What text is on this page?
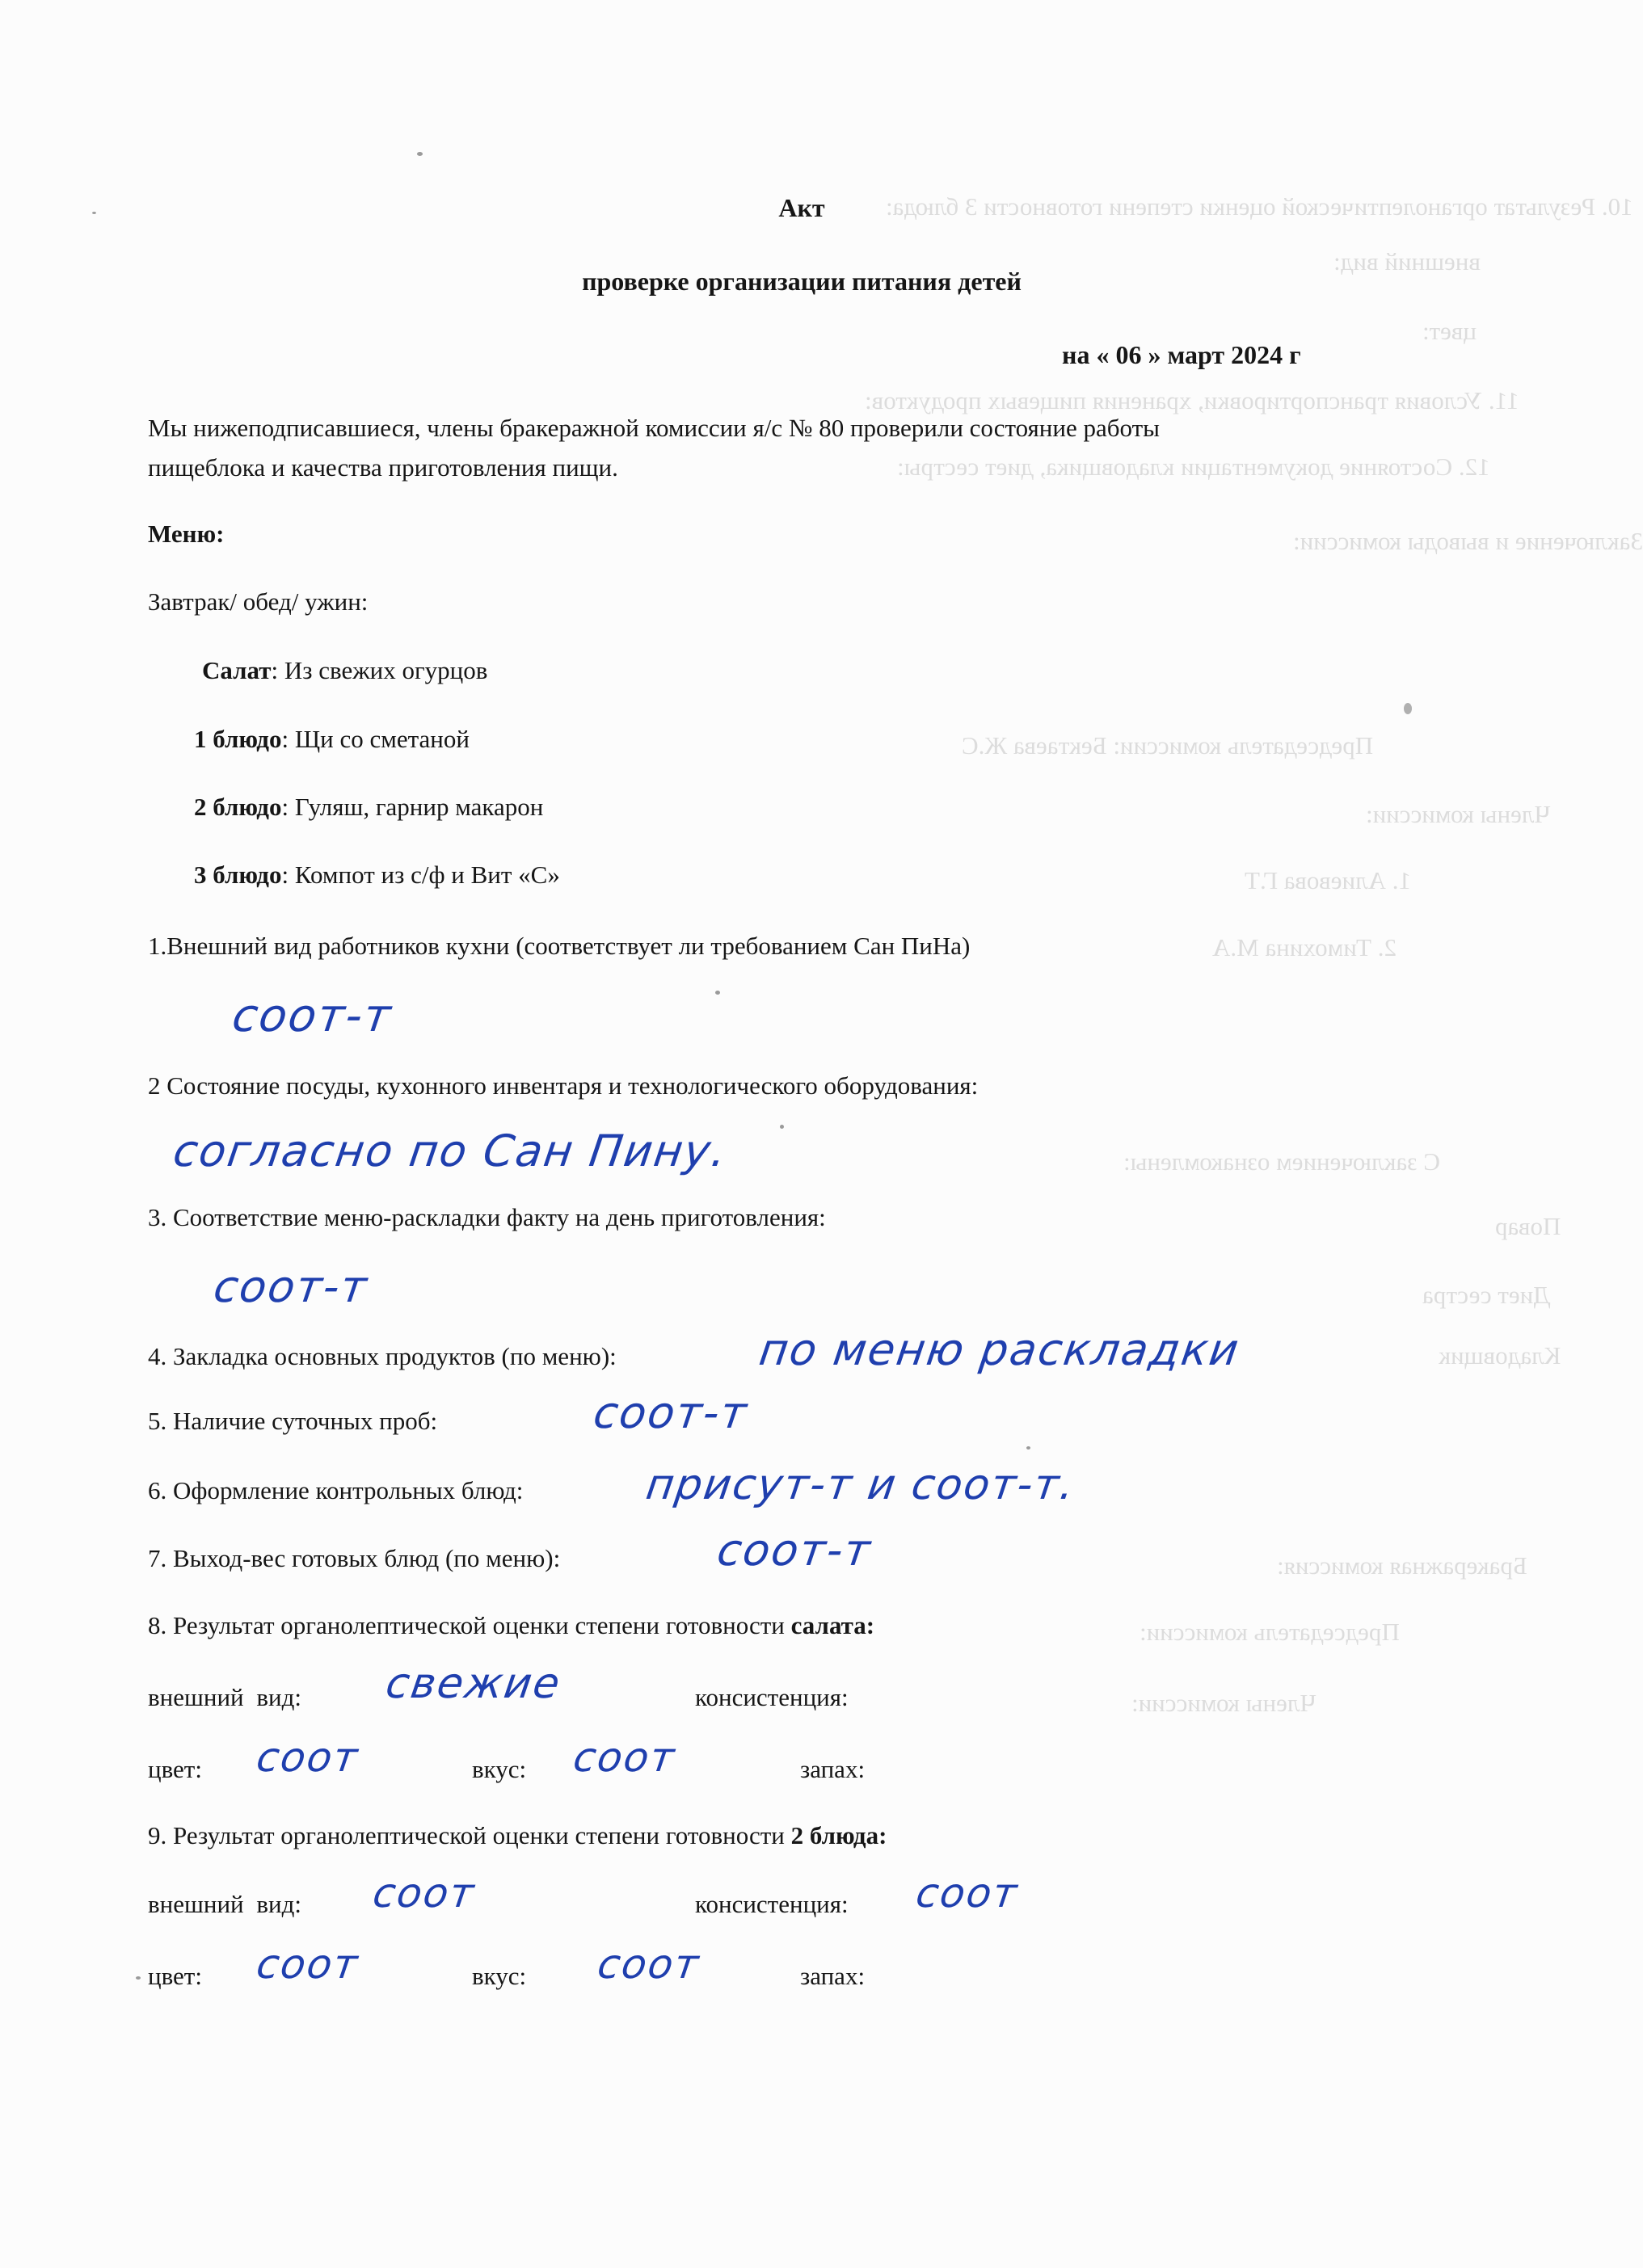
10. Результат органолептической оценки степени готовности 3 блюда:
внешний вид:
цвет:
11. Условия транспортировки, хранения пищевых продуктов:
12. Состояние документации кладовщика, диет сестры:
Заключение и выводы комиссии:
Председатель комиссии: Бектаева Ж.С
Члены комиссии:
1. Алиевова Г.Т
2. Тимохина М.А
С заключением ознакомлены:
Повар
Диет сестра
Кладовщик
Бракеражная комиссия:
Председатель комиссии:
Члены комиссии:
Акт
проверке организации питания детей
на « 06 » март 2024 г
Мы нижеподписавшиеся, члены бракеражной комиссии я/с № 80 проверили состояние работы
пищеблока и качества приготовления пищи.
Меню:
Завтрак/ обед/ ужин:
Салат: Из свежих огурцов
1 блюдо: Щи со сметаной
2 блюдо: Гуляш, гарнир макарон
3 блюдо: Компот из с/ф и Вит «С»
1.Внешний вид работников кухни (соответствует ли требованием Сан ПиНа)
соот-т
2 Состояние посуды, кухонного инвентаря и технологического оборудования:
согласно по Сан Пину.
3. Соответствие меню-раскладки факту на день приготовления:
соот-т
4. Закладка основных продуктов (по меню):	по меню раскладки
5. Наличие суточных проб:	соот-т
6. Оформление контрольных блюд:	присут-т и соот-т.
7. Выход-вес готовых блюд (по меню):	соот-т
8. Результат органолептической оценки степени готовности салата:
внешний вид: свежие	консистенция:
цвет: соот	вкус: соот	запах:
9. Результат органолептической оценки степени готовности 2 блюда:
внешний вид: соот	консистенция: соот
цвет: соот	вкус: соот	запах:
